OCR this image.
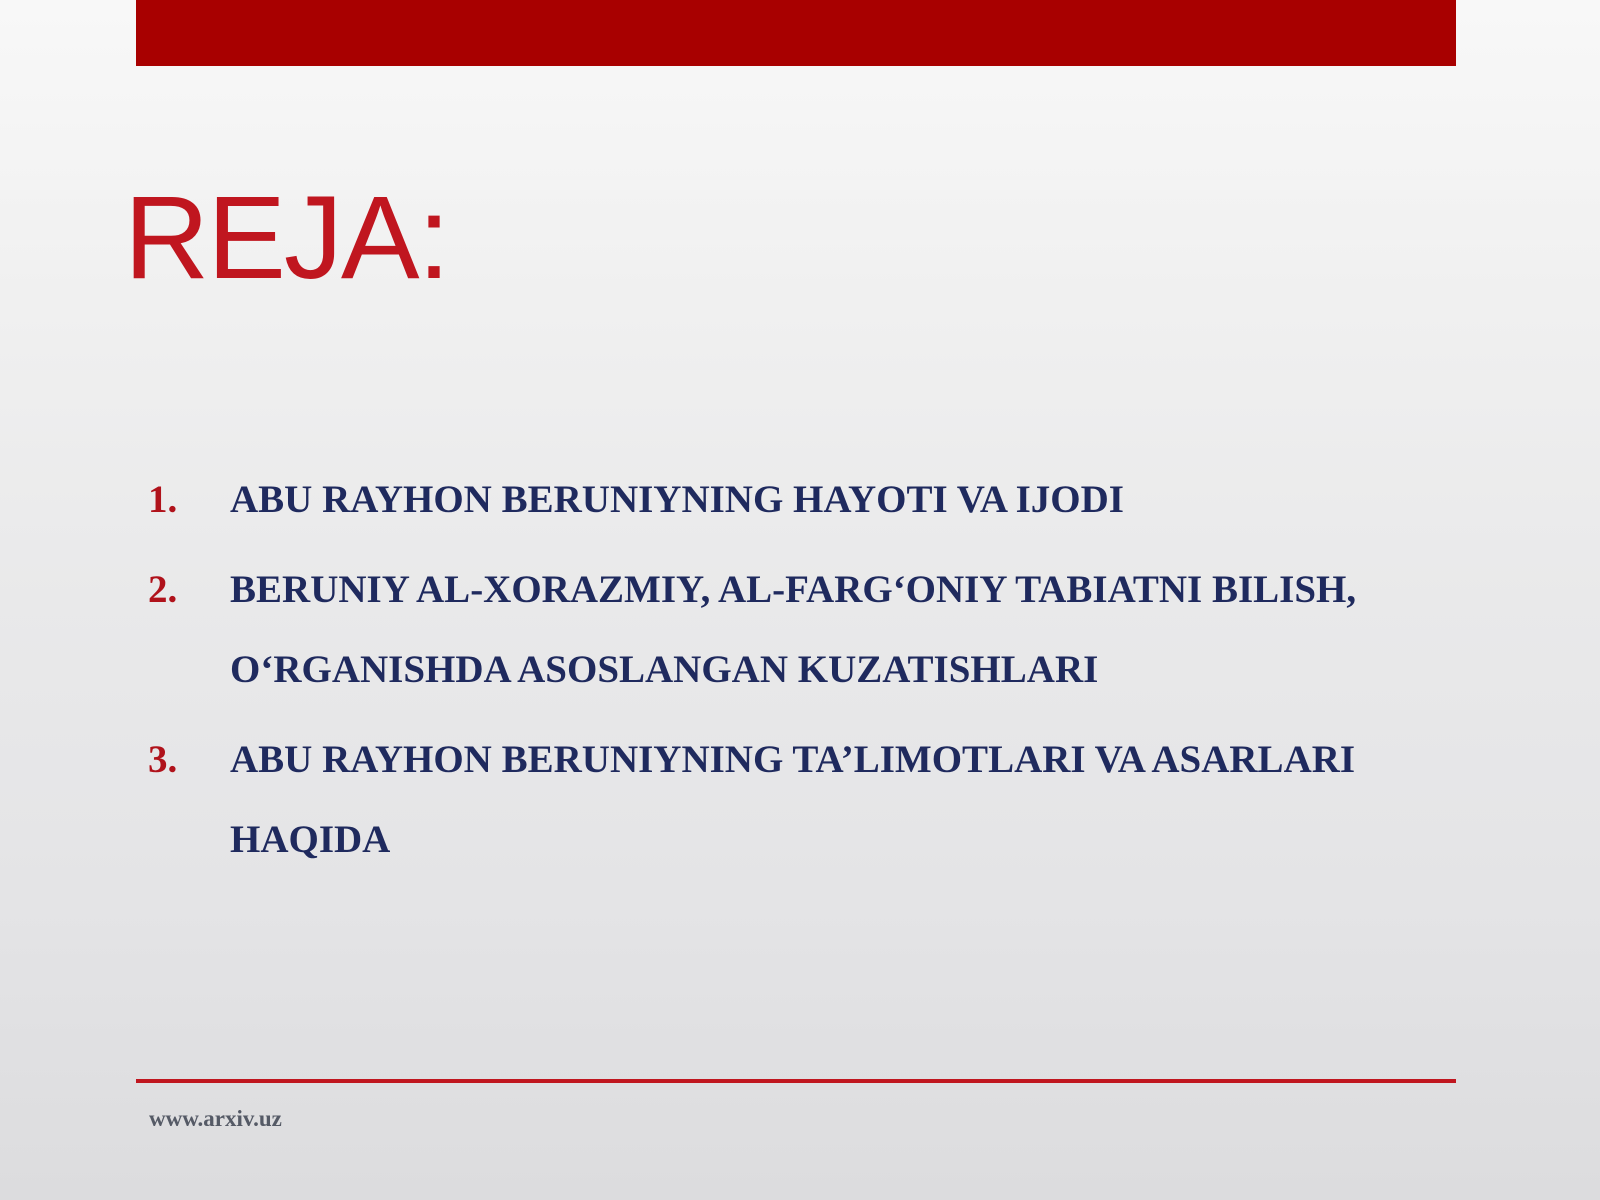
REJA:
1.	ABU RAYHON BERUNIYNING HAYOTI VA IJODI
2.	BERUNIY AL-XORAZMIY, AL-FARG‘ONIY TABIATNI BILISH, O‘RGANISHDA ASOSLANGAN KUZATISHLARI
3.	ABU RAYHON BERUNIYNING TA’LIMOTLARI VA ASARLARI HAQIDA
www.arxiv.uz
